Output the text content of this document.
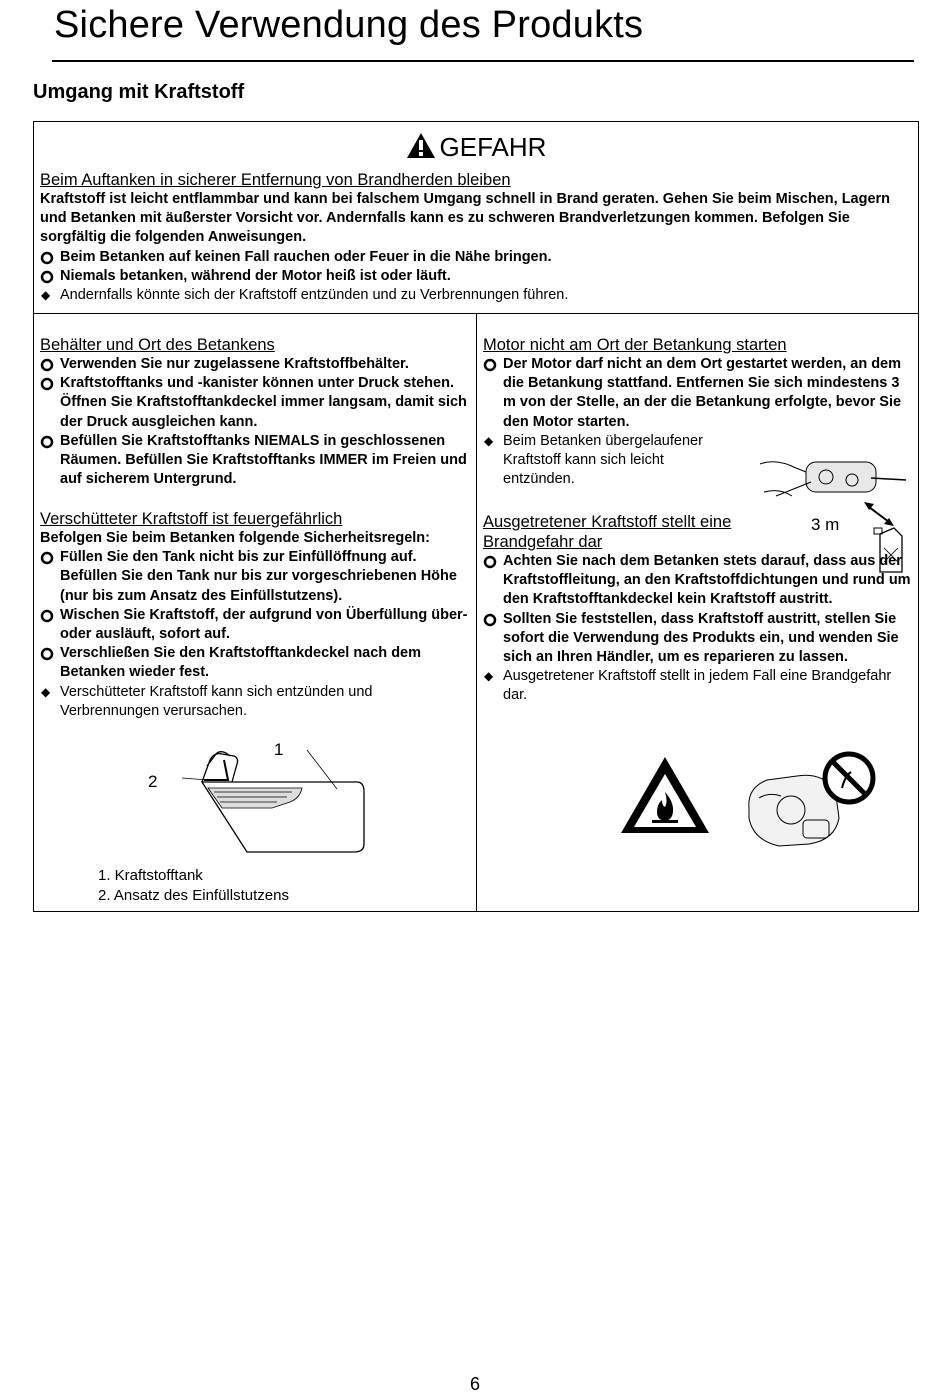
Sichere Verwendung des Produkts
Umgang mit Kraftstoff
GEFAHR

Beim Auftanken in sicherer Entfernung von Brandherden bleiben

Kraftstoff ist leicht entflammbar und kann bei falschem Umgang schnell in Brand geraten. Gehen Sie beim Mischen, Lagern und Betanken mit äußerster Vorsicht vor. Andernfalls kann es zu schweren Brandverletzungen kommen. Befolgen Sie sorgfältig die folgenden Anweisungen.

Beim Betanken auf keinen Fall rauchen oder Feuer in die Nähe bringen.
Niemals betanken, während der Motor heiß ist oder läuft.
◆ Andernfalls könnte sich der Kraftstoff entzünden und zu Verbrennungen führen.

Behälter und Ort des Betankens

Verwenden Sie nur zugelassene Kraftstoffbehälter.
Kraftstofftanks und -kanister können unter Druck stehen. Öffnen Sie Kraftstofftankdeckel immer langsam, damit sich der Druck ausgleichen kann.
Befüllen Sie Kraftstofftanks NIEMALS in geschlossenen Räumen. Befüllen Sie Kraftstofftanks IMMER im Freien und auf sicherem Untergrund.

Verschütteter Kraftstoff ist feuergefährlich

Befolgen Sie beim Betanken folgende Sicherheitsregeln:

Füllen Sie den Tank nicht bis zur Einfüllöffnung auf. Befüllen Sie den Tank nur bis zur vorgeschriebenen Höhe (nur bis zum Ansatz des Einfüllstutzens).
Wischen Sie Kraftstoff, der aufgrund von Überfüllung über- oder ausläuft, sofort auf.
Verschließen Sie den Kraftstofftankdeckel nach dem Betanken wieder fest.
◆ Verschütteter Kraftstoff kann sich entzünden und Verbrennungen verursachen.
1
2

Motor nicht am Ort der Betankung starten

Der Motor darf nicht an dem Ort gestartet werden, an dem die Betankung stattfand. Entfernen Sie sich mindestens 3 m von der Stelle, an der die Betankung erfolgte, bevor Sie den Motor starten.
◆ Beim Betanken übergelaufener Kraftstoff kann sich leicht entzünden.
3 m

Ausgetretener Kraftstoff stellt eine Brandgefahr dar

Achten Sie nach dem Betanken stets darauf, dass aus der Kraftstoffleitung, an den Kraftstoffdichtungen und rund um den Kraftstofftankdeckel kein Kraftstoff austritt.
Sollten Sie feststellen, dass Kraftstoff austritt, stellen Sie sofort die Verwendung des Produkts ein, und wenden Sie sich an Ihren Händler, um es reparieren zu lassen.
◆ Ausgetretener Kraftstoff stellt in jedem Fall eine Brandgefahr dar.
1. Kraftstofftank
2. Ansatz des Einfüllstutzens
6
